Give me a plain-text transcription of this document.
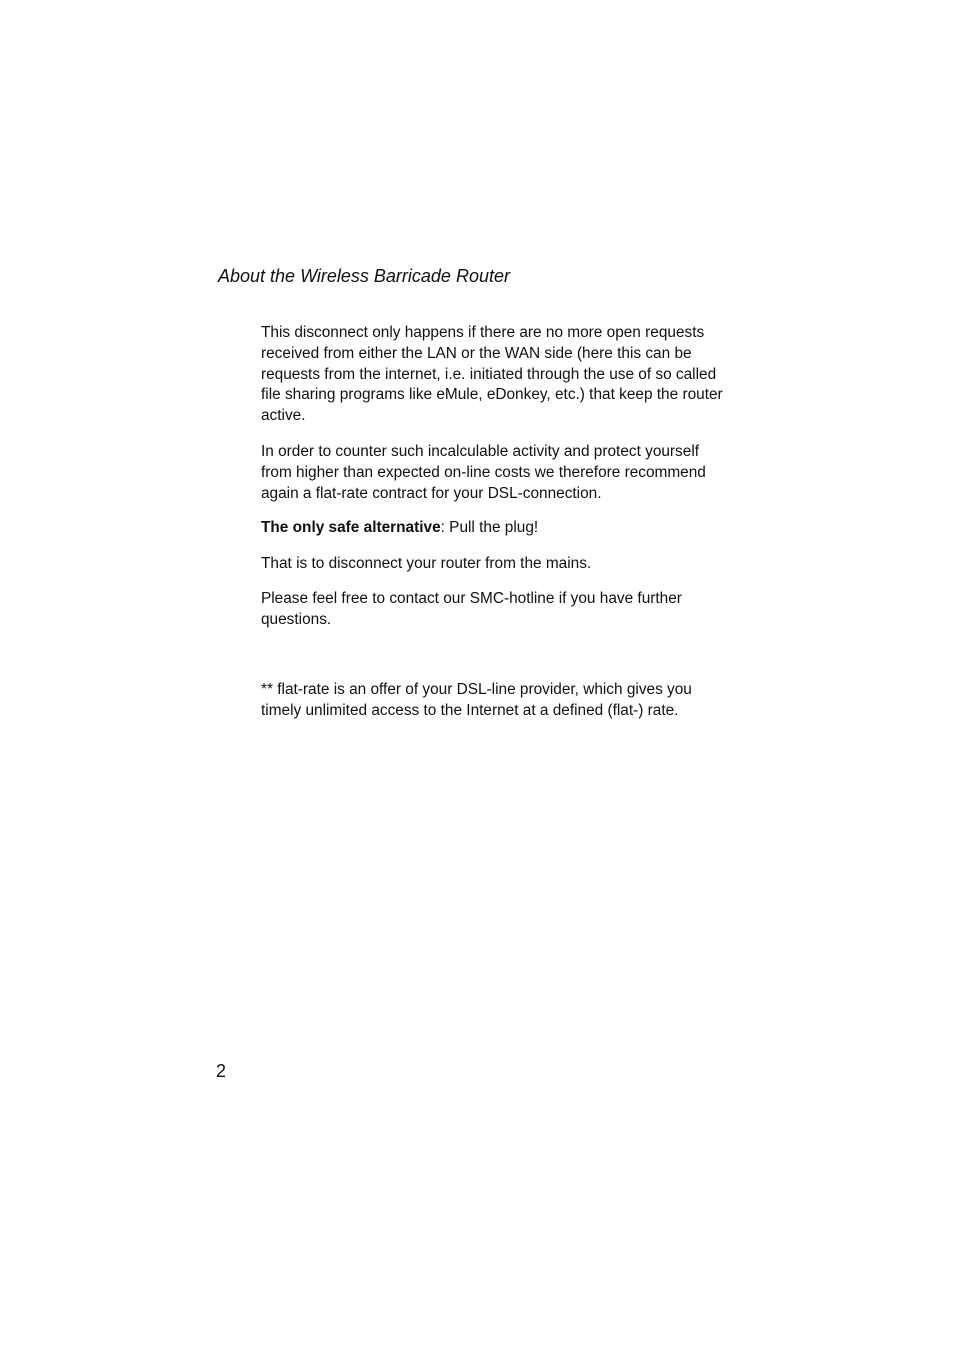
About the Wireless Barricade Router

This disconnect only happens if there are no more open requests received from either the LAN or the WAN side (here this can be requests from the internet, i.e. initiated through the use of so called file sharing programs like eMule, eDonkey, etc.) that keep the router active.

In order to counter such incalculable activity and protect yourself from higher than expected on-line costs we therefore recommend again a flat-rate contract for your DSL-connection.

The only safe alternative: Pull the plug!

That is to disconnect your router from the mains.

Please feel free to contact our SMC-hotline if you have further questions.

** flat-rate is an offer of your DSL-line provider, which gives you timely unlimited access to the Internet at a defined (flat-) rate.

2
